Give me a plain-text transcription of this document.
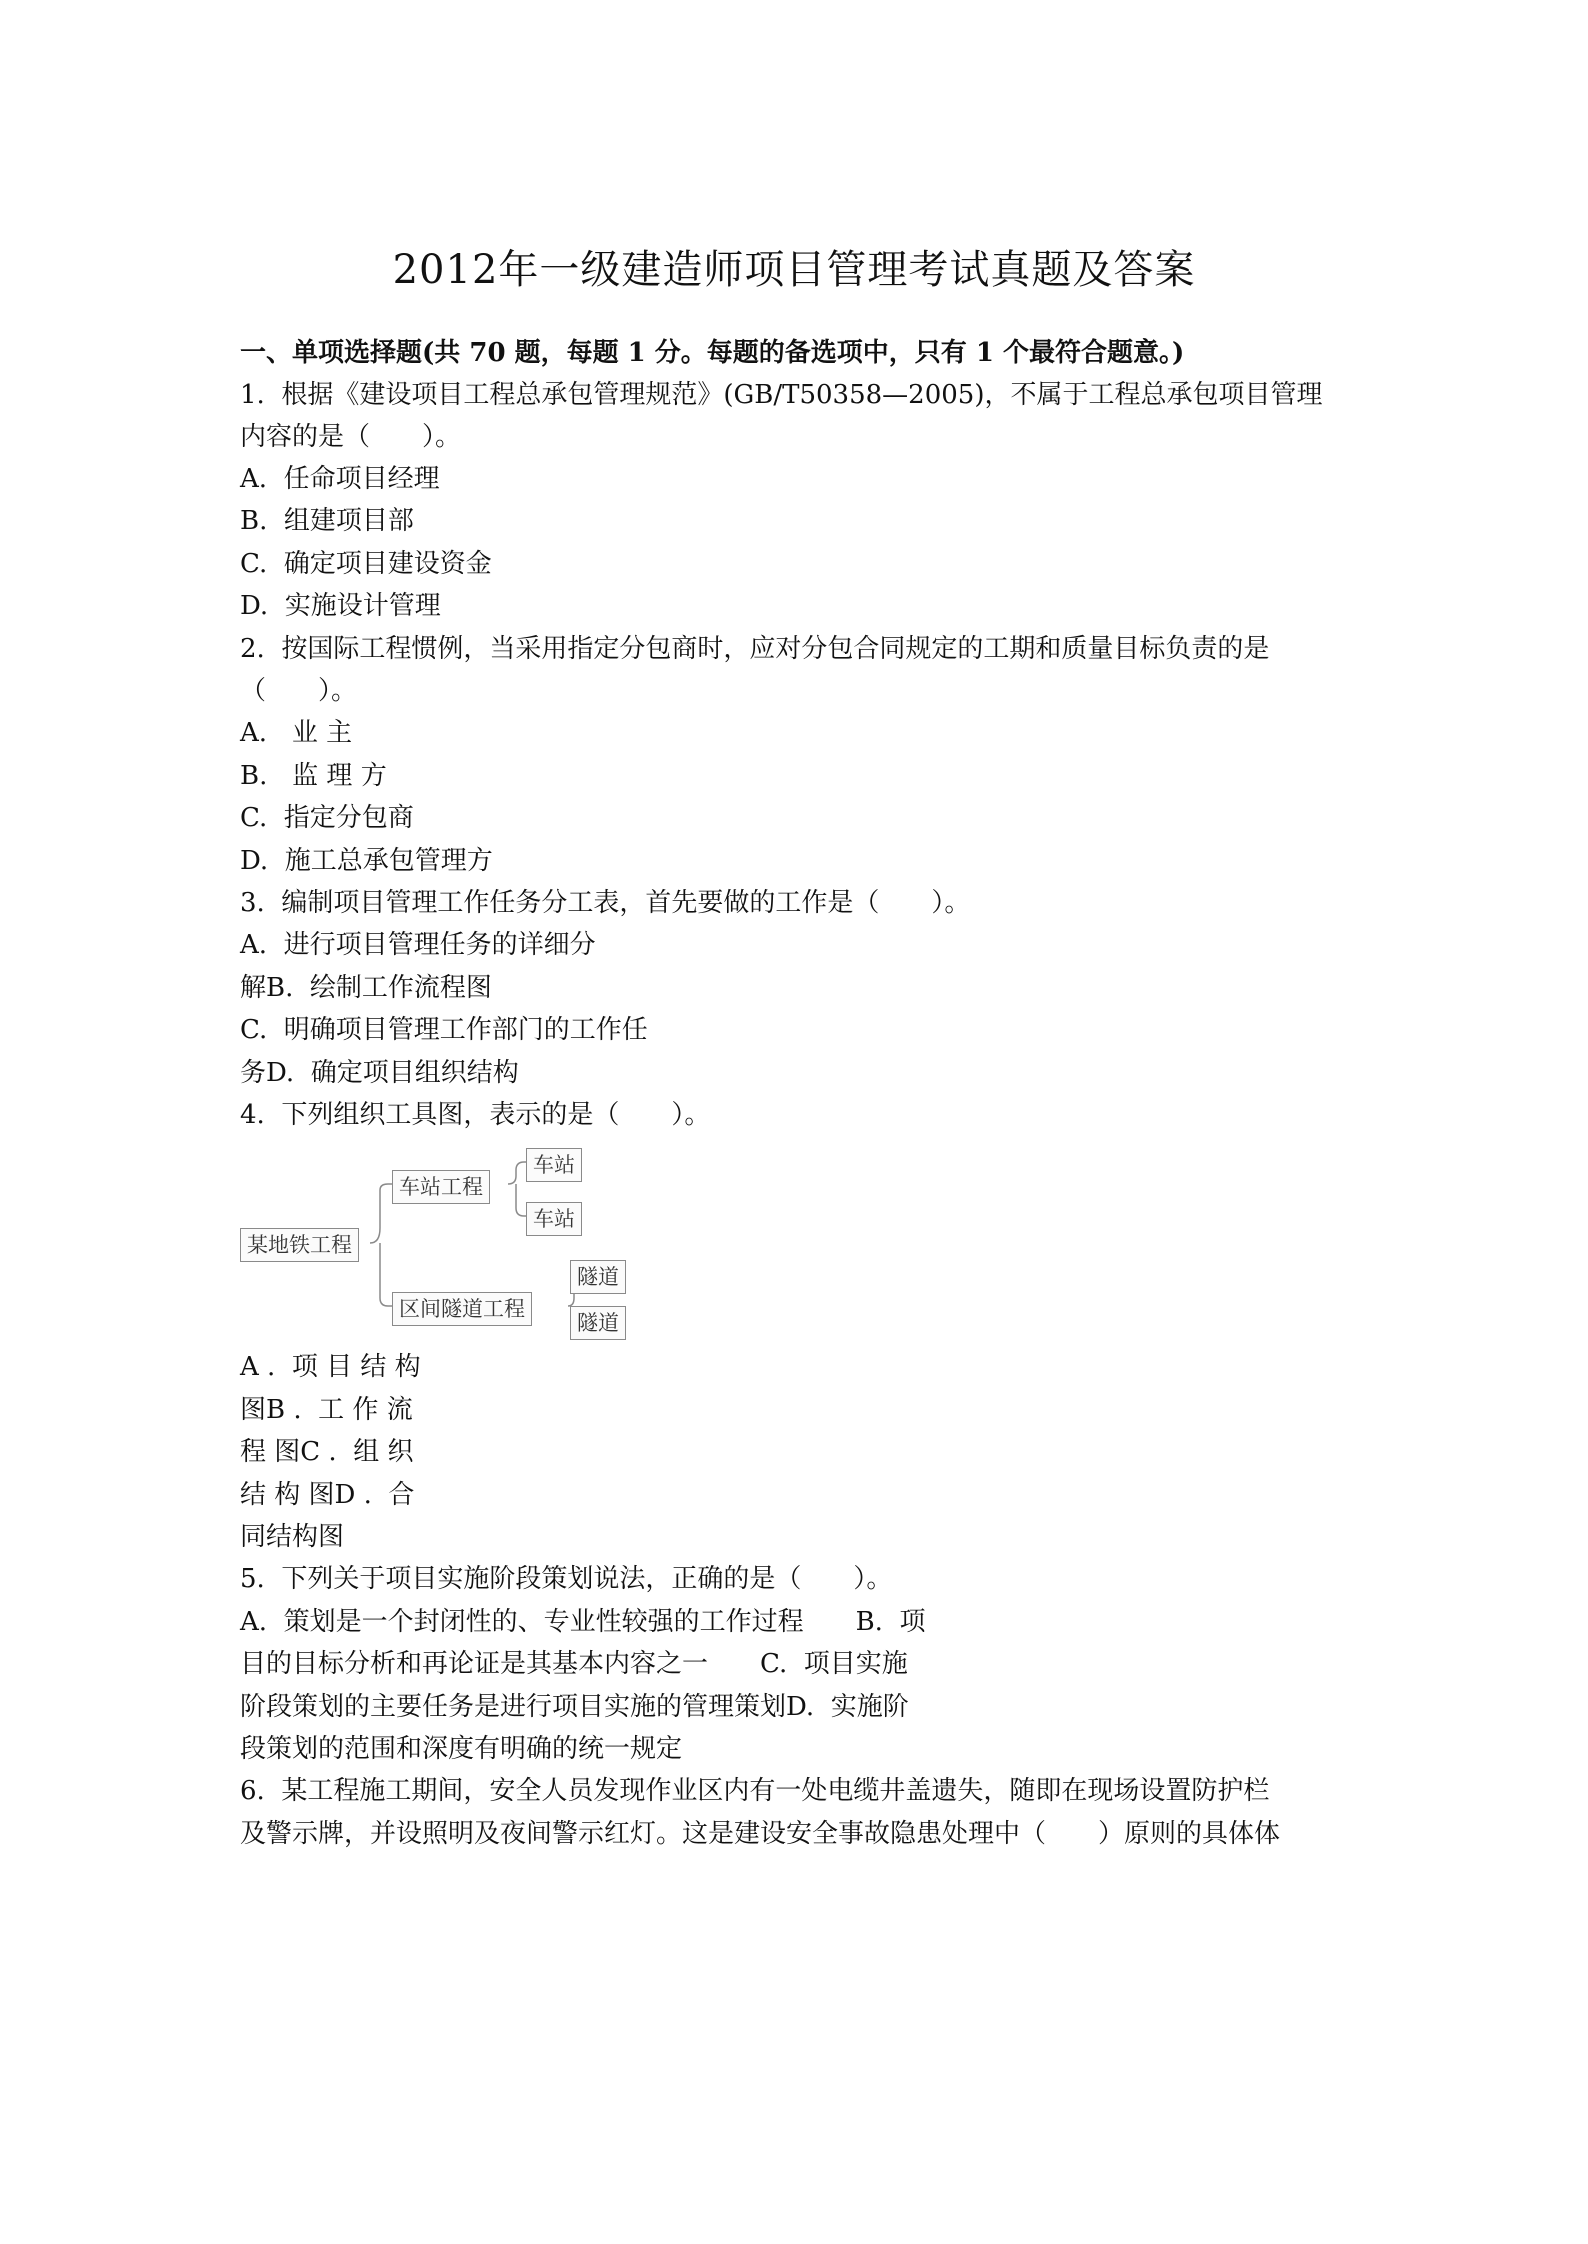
2012年一级建造师项目管理考试真题及答案
一、单项选择题(共 70 题，每题 1 分。每题的备选项中，只有 1 个最符合题意。)
1.  根据《建设项目工程总承包管理规范》(GB/T50358—2005)，不属于工程总承包项目管理
内容的是（　　）。
A.  任命项目经理
B.  组建项目部
C.  确定项目建设资金
D.  实施设计管理
2.  按国际工程惯例，当采用指定分包商时，应对分包合同规定的工期和质量目标负责的是
（　　）。
A.   业 主
B.   监 理 方
C.  指定分包商
D.  施工总承包管理方
3.  编制项目管理工作任务分工表，首先要做的工作是（　　）。
A.  进行项目管理任务的详细分
解B.  绘制工作流程图
C.  明确项目管理工作部门的工作任
务D.  确定项目组织结构
4.  下列组织工具图，表示的是（　　）。
某地铁工程
车站工程
车站
车站
区间隧道工程
隧道
隧道
A .  项 目 结 构
图B .  工 作 流
程 图C .  组 织
结 构 图D .  合
同结构图
5.  下列关于项目实施阶段策划说法，正确的是（　　）。
A.  策划是一个封闭性的、专业性较强的工作过程　　B.  项
目的目标分析和再论证是其基本内容之一　　C.  项目实施
阶段策划的主要任务是进行项目实施的管理策划D.  实施阶
段策划的范围和深度有明确的统一规定
6.  某工程施工期间，安全人员发现作业区内有一处电缆井盖遗失，随即在现场设置防护栏
及警示牌，并设照明及夜间警示红灯。这是建设安全事故隐患处理中（　　）原则的具体体
